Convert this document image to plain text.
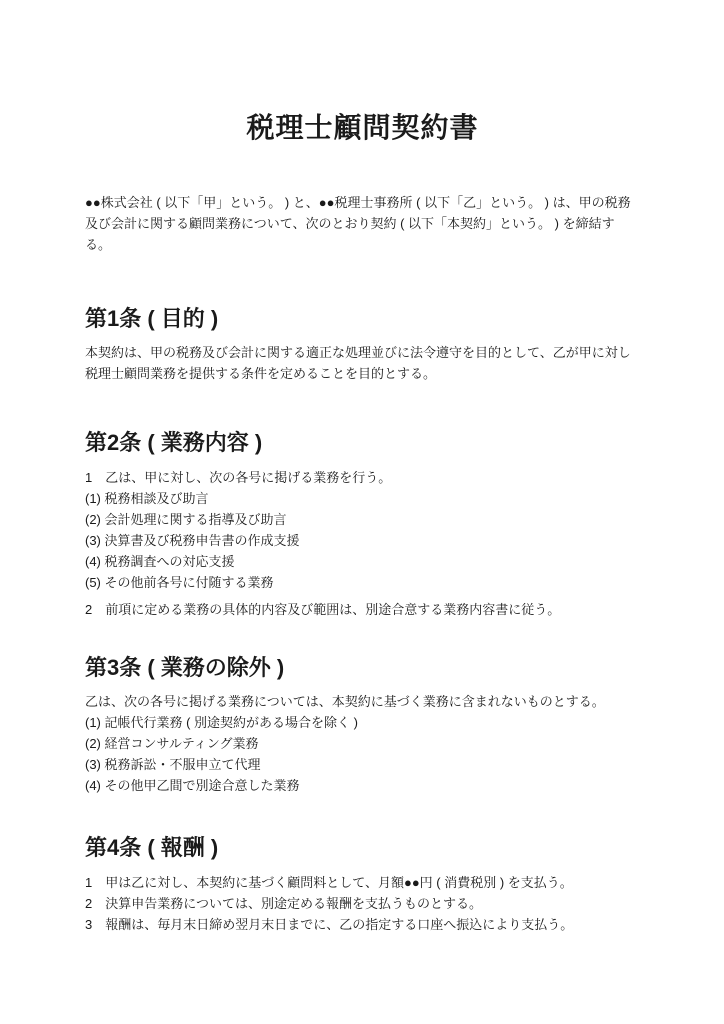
税理士顧問契約書

●●株式会社 ( 以下「甲」という。 ) と、●●税理士事務所 ( 以下「乙」という。 ) は、甲の税務及び会計に関する顧問業務について、次のとおり契約 ( 以下「本契約」という。 ) を締結する。

第1条 ( 目的 )

本契約は、甲の税務及び会計に関する適正な処理並びに法令遵守を目的として、乙が甲に対し税理士顧問業務を提供する条件を定めることを目的とする。

第2条 ( 業務内容 )
1　乙は、甲に対し、次の各号に掲げる業務を行う。
(1) 税務相談及び助言
(2) 会計処理に関する指導及び助言
(3) 決算書及び税務申告書の作成支援
(4) 税務調査への対応支援
(5) その他前各号に付随する業務
2　前項に定める業務の具体的内容及び範囲は、別途合意する業務内容書に従う。
第3条 ( 業務の除外 )
乙は、次の各号に掲げる業務については、本契約に基づく業務に含まれないものとする。
(1) 記帳代行業務 ( 別途契約がある場合を除く )
(2) 経営コンサルティング業務
(3) 税務訴訟・不服申立て代理
(4) その他甲乙間で別途合意した業務
第4条 ( 報酬 )
1　甲は乙に対し、本契約に基づく顧問料として、月額●●円 ( 消費税別 ) を支払う。
2　決算申告業務については、別途定める報酬を支払うものとする。
3　報酬は、毎月末日締め翌月末日までに、乙の指定する口座へ振込により支払う。
